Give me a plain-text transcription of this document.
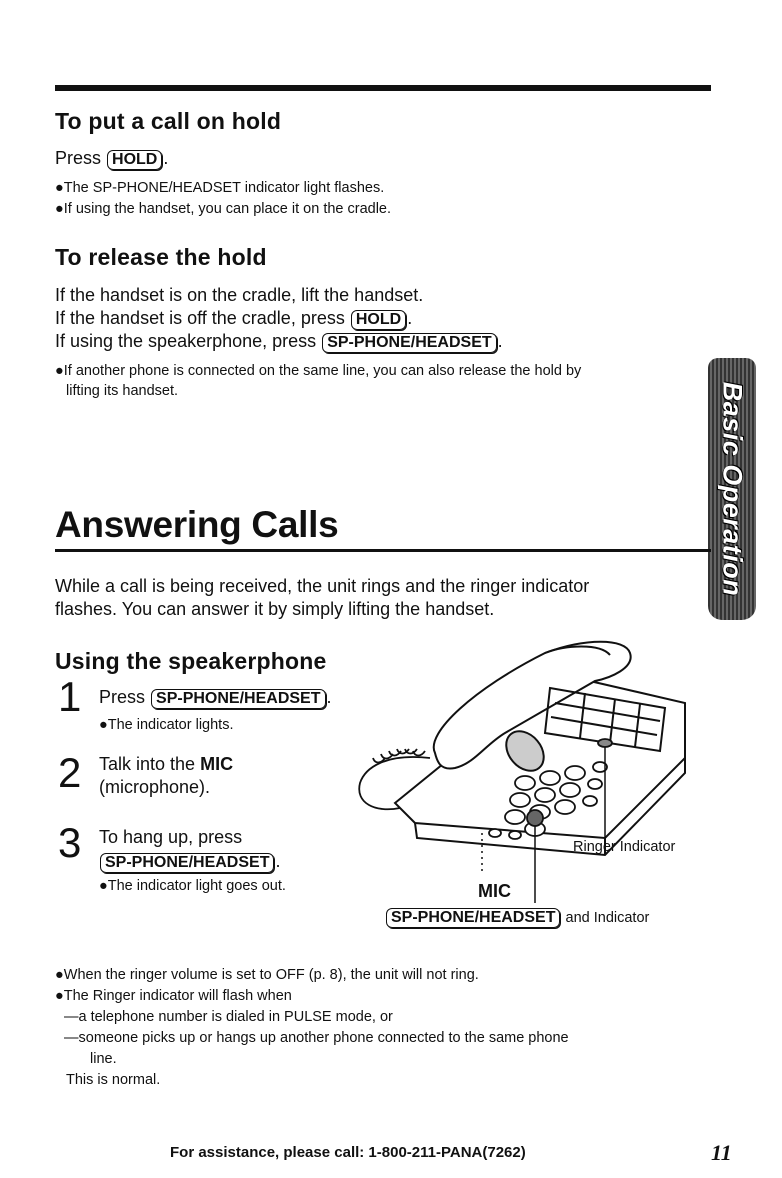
To put a call on hold
Press HOLD .
●The SP-PHONE/HEADSET indicator light flashes.
●If using the handset, you can place it on the cradle.
To release the hold
If the handset is on the cradle, lift the handset.
If the handset is off the cradle, press HOLD .
If using the speakerphone, press SP-PHONE/HEADSET .
●If another phone is connected on the same line, you can also release the hold by
lifting its handset.	Basic Operation
Answering Calls
While a call is being received, the unit rings and the ringer indicator
flashes. You can answer it by simply lifting the handset.
Using the speakerphone
1 Press SP-PHONE/HEADSET .
●The indicator lights.
2 Talk into the MIC
(microphone).
3 To hang up, press
SP-PHONE/HEADSET .
●The indicator light goes out.
Ringer Indicator
MIC
SP-PHONE/HEADSET and Indicator
●When the ringer volume is set to OFF (p. 8), the unit will not ring.
●The Ringer indicator will flash when
—a telephone number is dialed in PULSE mode, or
—someone picks up or hangs up another phone connected to the same phone
line.
This is normal.
For assistance, please call: 1-800-211-PANA(7262)	11
